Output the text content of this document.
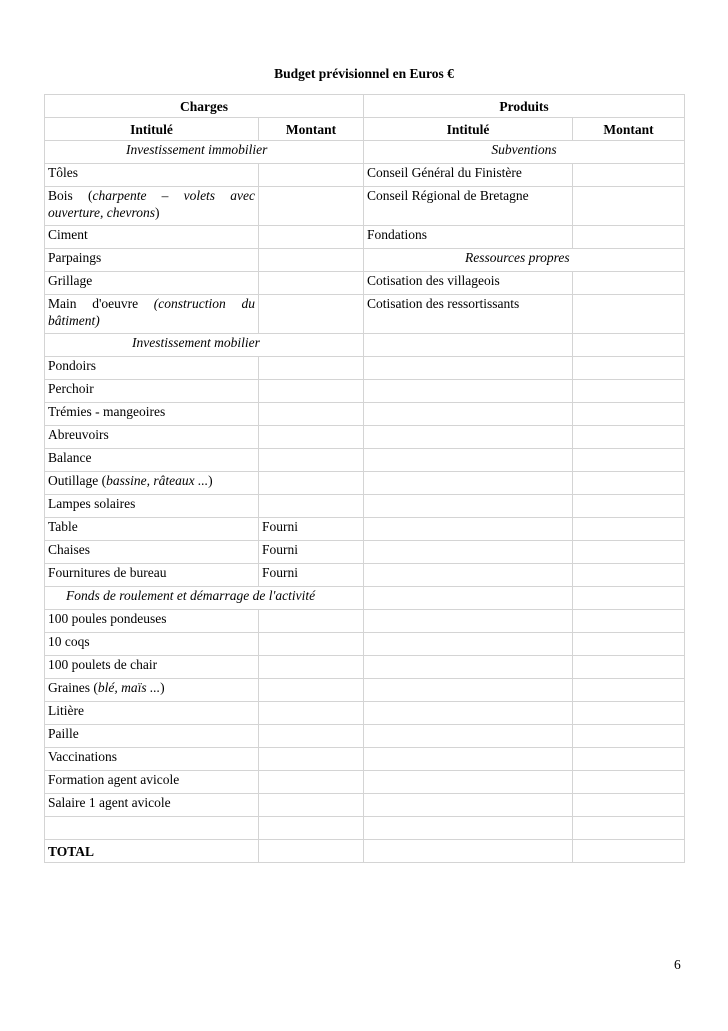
Budget prévisionnel en Euros €
Charges		Produits	
Intitulé	Montant	Intitulé	Montant
Investissement immobilier		Subventions	
Tôles		Conseil Général du Finistère	
Bois (charpente – volets avec ouverture, chevrons)		Conseil Régional de Bretagne	
Ciment		Fondations	
Parpaings		Ressources propres	
Grillage		Cotisation des villageois	
Main d'oeuvre (construction du bâtiment)		Cotisation des ressortissants	
Investissement mobilier			
Pondoirs			
Perchoir			
Trémies - mangeoires			
Abreuvoirs			
Balance			
Outillage (bassine, râteaux ...)			
Lampes solaires			
Table	Fourni		
Chaises	Fourni		
Fournitures de bureau	Fourni		
Fonds de roulement et démarrage de l'activité			
100 poules pondeuses			
10 coqs			
100 poulets de chair			
Graines (blé, maïs ...)			
Litière			
Paille			
Vaccinations			
Formation agent avicole			
Salaire 1 agent avicole			

TOTAL			
6
